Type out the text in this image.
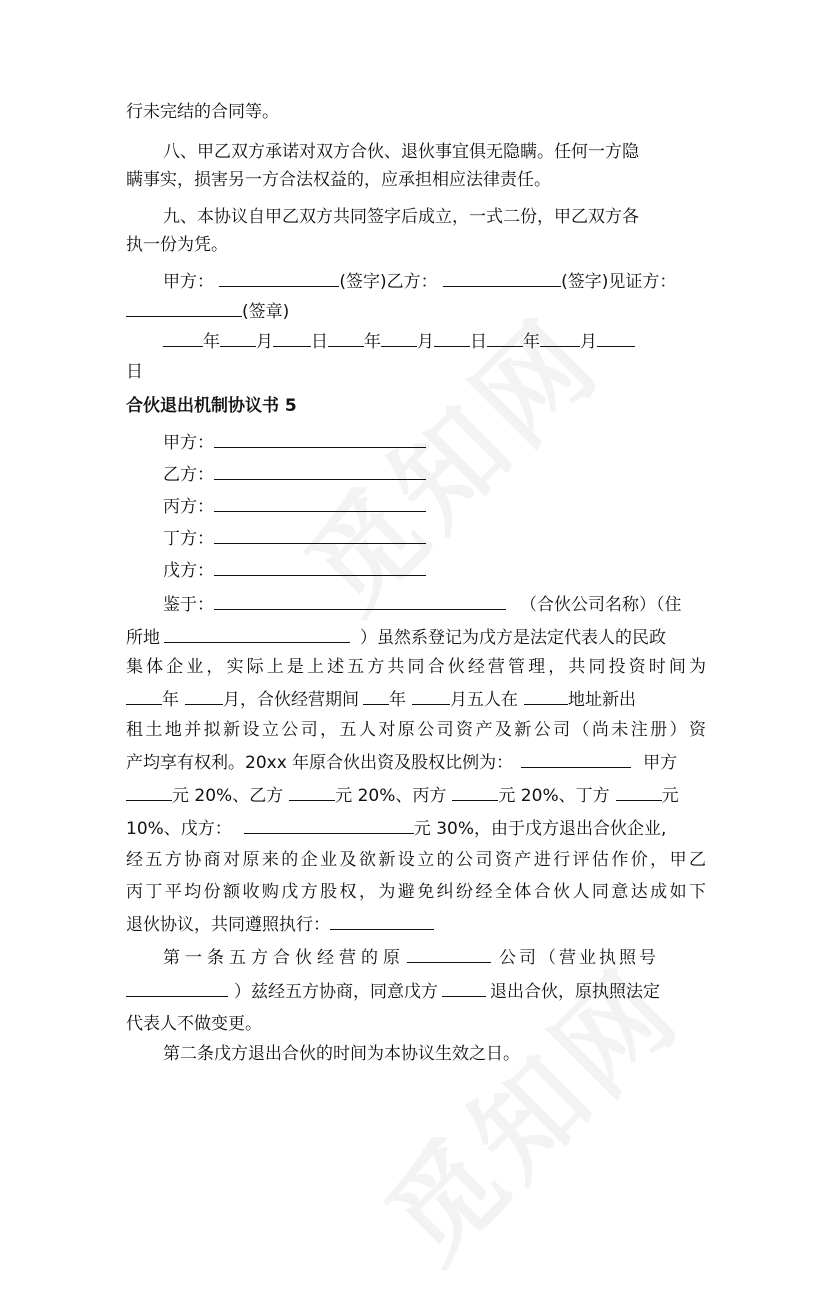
行未完结的合同等。
八、甲乙双方承诺对双方合伙、退伙事宜俱无隐瞒。任何一方隐
瞒事实，损害另一方合法权益的，应承担相应法律责任。
九、本协议自甲乙双方共同签字后成立，一式二份，甲乙双方各
执一份为凭。
甲方：	(签字)乙方：	(签字)见证方：
(签章)
年 月 日 年 月 日 年 月
日
合伙退出机制协议书 5
甲方：
乙方：
丙方：
丁方：
戊方：
鉴于：	（合伙公司名称）（住
所地	）虽然系登记为戊方是法定代表人的民政
集体企业，实际上是上述五方共同合伙经营管理，共同投资时间为
年	月，合伙经营期间 年	月五人在	地址新出
租土地并拟新设立公司，五人对原公司资产及新公司（尚未注册）资
产均享有权利。20xx 年原合伙出资及股权比例为：	甲方
元 20%、乙方	元 20%、丙方	元 20%、丁方	元
10%、戊方：	元 30%，由于戊方退出合伙企业,
经五方协商对原来的企业及欲新设立的公司资产进行评估作价，甲乙
丙丁平均份额收购戊方股权，为避免纠纷经全体合伙人同意达成如下
退伙协议，共同遵照执行：
第一条五方合伙经营的原	公司（营业执照号
）兹经五方协商，同意戊方	退出合伙，原执照法定
代表人不做变更。
第二条戊方退出合伙的时间为本协议生效之日。
